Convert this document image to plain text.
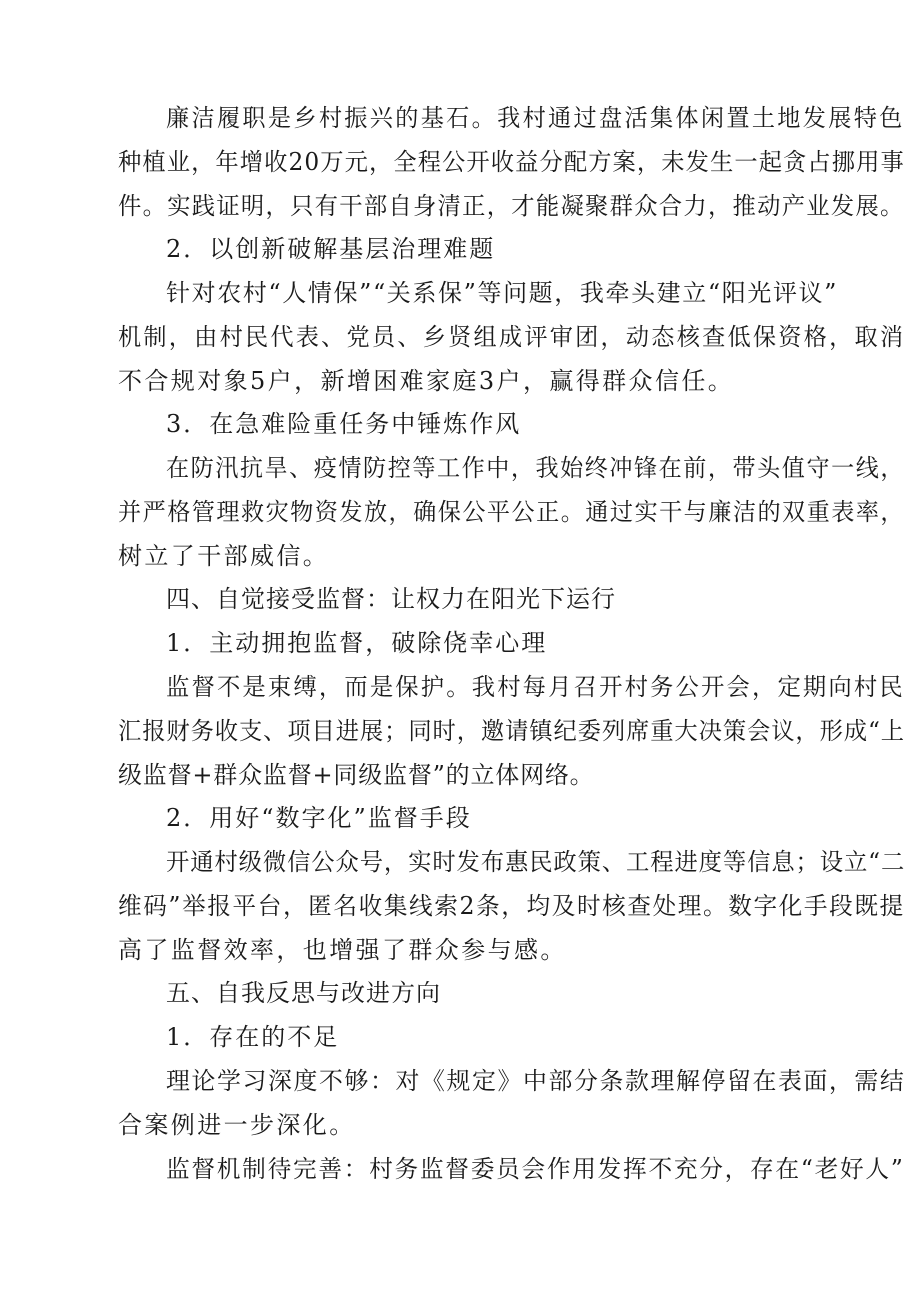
廉洁履职是乡村振兴的基石。我村通过盘活集体闲置土地发展特色
种植业，年增收20万元，全程公开收益分配方案，未发生一起贪占挪用事
件。实践证明，只有干部自身清正，才能凝聚群众合力，推动产业发展。
2．以创新破解基层治理难题
针对农村“人情保”“关系保”等问题，我牵头建立“阳光评议”
机制，由村民代表、党员、乡贤组成评审团，动态核查低保资格，取消
不合规对象5户，新增困难家庭3户，赢得群众信任。
3．在急难险重任务中锤炼作风
在防汛抗旱、疫情防控等工作中，我始终冲锋在前，带头值守一线，
并严格管理救灾物资发放，确保公平公正。通过实干与廉洁的双重表率，
树立了干部威信。
四、自觉接受监督：让权力在阳光下运行
1．主动拥抱监督，破除侥幸心理
监督不是束缚，而是保护。我村每月召开村务公开会，定期向村民
汇报财务收支、项目进展；同时，邀请镇纪委列席重大决策会议，形成“上
级监督+群众监督+同级监督”的立体网络。
2．用好“数字化”监督手段
开通村级微信公众号，实时发布惠民政策、工程进度等信息；设立“二
维码”举报平台，匿名收集线索2条，均及时核查处理。数字化手段既提
高了监督效率，也增强了群众参与感。
五、自我反思与改进方向
1．存在的不足
理论学习深度不够：对《规定》中部分条款理解停留在表面，需结
合案例进一步深化。
监督机制待完善：村务监督委员会作用发挥不充分，存在“老好人”
